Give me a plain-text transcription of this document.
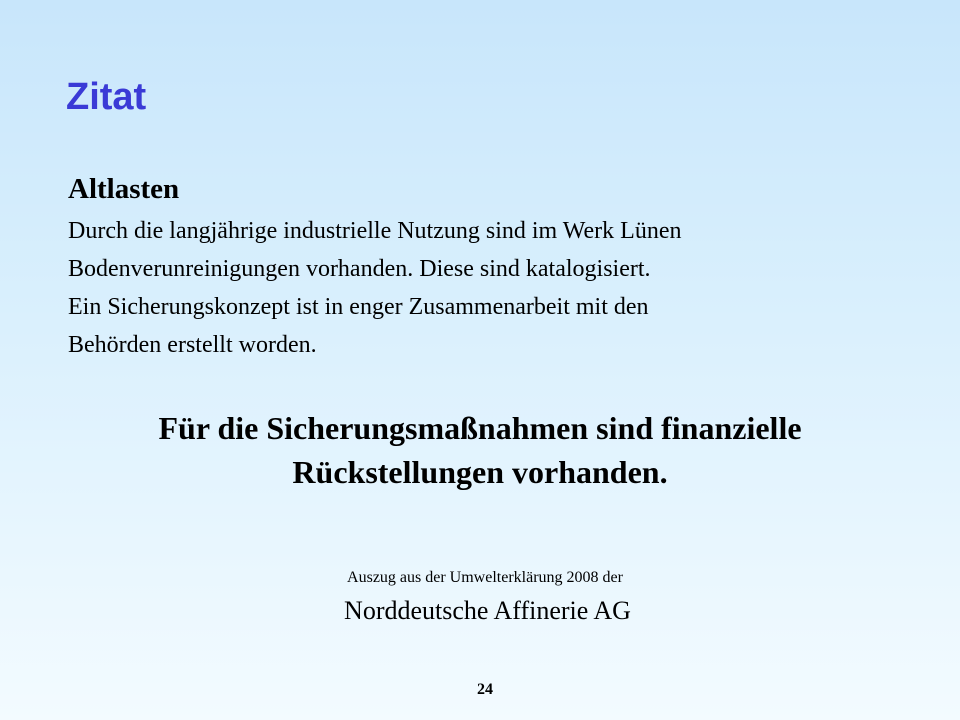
Zitat
Altlasten

Durch die langjährige industrielle Nutzung sind im Werk Lünen
Bodenverunreinigungen vorhanden. Diese sind katalogisiert.
Ein Sicherungskonzept ist in enger Zusammenarbeit mit den
Behörden erstellt worden.

Für die Sicherungsmaßnahmen sind finanzielle
Rückstellungen vorhanden.

Auszug aus der Umwelterklärung 2008 der

Norddeutsche Affinerie AG

24
